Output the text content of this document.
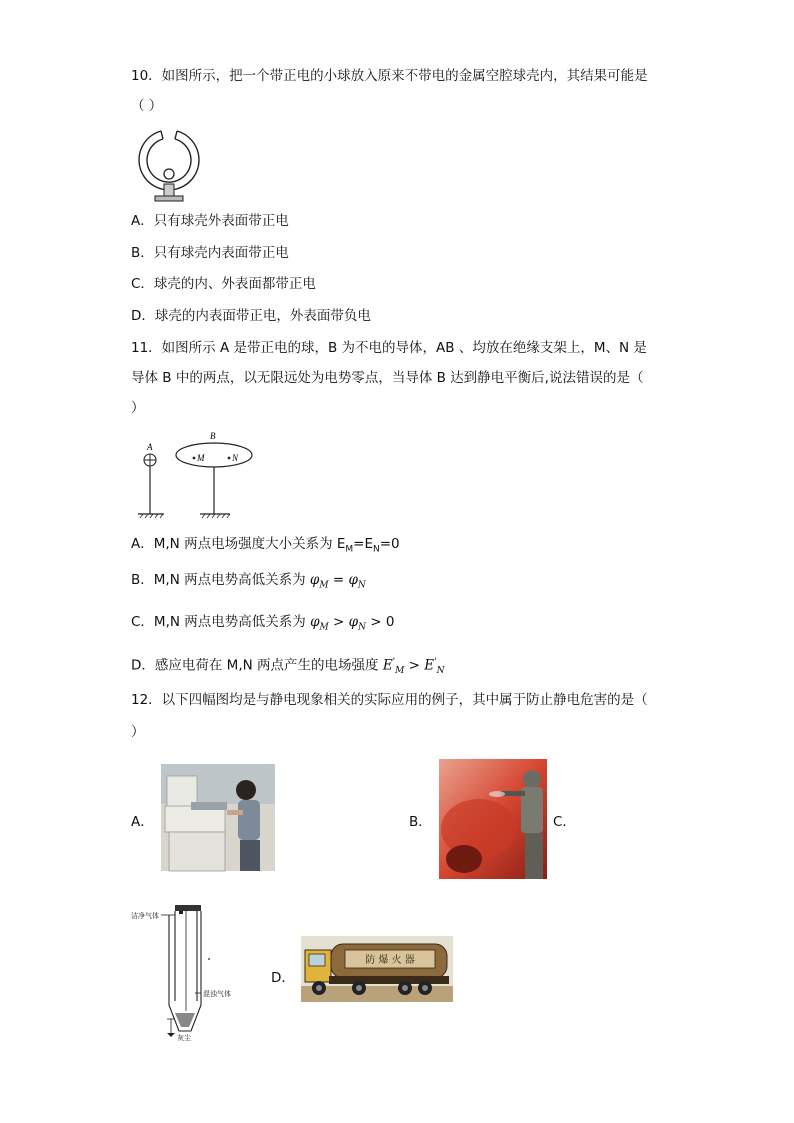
10．如图所示，把一个带正电的小球放入原来不带电的金属空腔球壳内，其结果可能是
（ ）
A．只有球壳外表面带正电
B．只有球壳内表面带正电
C．球壳的内、外表面都带正电
D．球壳的内表面带正电，外表面带负电
11．如图所示 A 是带正电的球，B 为不电的导体，AB 、均放在绝缘支架上，M、N 是
导体 B 中的两点，以无限远处为电势零点，当导体 B 达到静电平衡后,说法错误的是（
）
A
B
M	N
A．M,N 两点电场强度大小关系为 $E_M=E_N=0$
B．M,N 两点电势高低关系为 $\varphi_M = \varphi_N$
C．M,N 两点电势高低关系为 $\varphi_M > \varphi_N > 0$
D．感应电荷在 M,N 两点产生的电场强度 $E'_M > E'_N$
12．以下四幅图均是与静电现象相关的实际应用的例子，其中属于防止静电危害的是（
）
A．	B．	C．
洁净气体
混浊气体
灰尘
D．
防 爆 火 器
